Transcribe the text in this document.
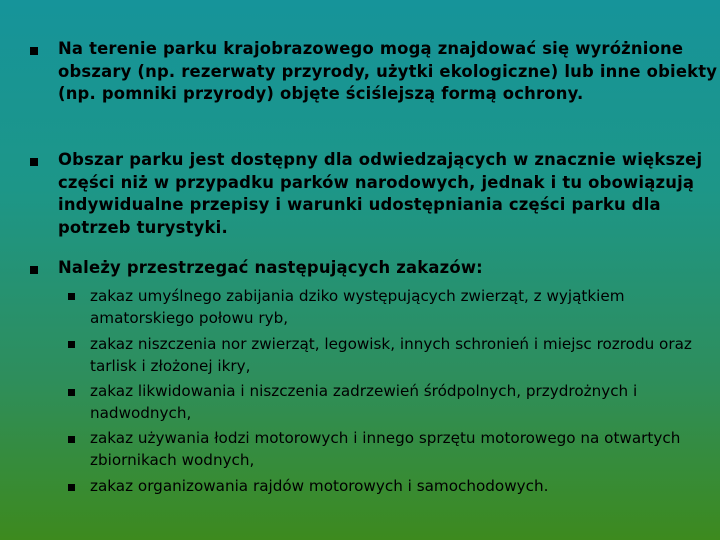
Na terenie parku krajobrazowego mogą znajdować się wyróżnione obszary (np. rezerwaty przyrody, użytki ekologiczne) lub inne obiekty (np. pomniki przyrody) objęte ściślejszą formą ochrony.

Obszar parku jest dostępny dla odwiedzających w znacznie większej części niż w przypadku parków narodowych, jednak i tu obowiązują indywidualne przepisy i warunki udostępniania części parku dla potrzeb turystyki.

Należy przestrzegać następujących zakazów:

zakaz umyślnego zabijania dziko występujących zwierząt, z wyjątkiem amatorskiego połowu ryb,

zakaz niszczenia nor zwierząt, legowisk, innych schronień i miejsc rozrodu oraz tarlisk i złożonej ikry,

zakaz likwidowania i niszczenia zadrzewień śródpolnych, przydrożnych i nadwodnych,

zakaz używania łodzi motorowych i innego sprzętu motorowego na otwartych zbiornikach wodnych,

zakaz organizowania rajdów motorowych i samochodowych.
